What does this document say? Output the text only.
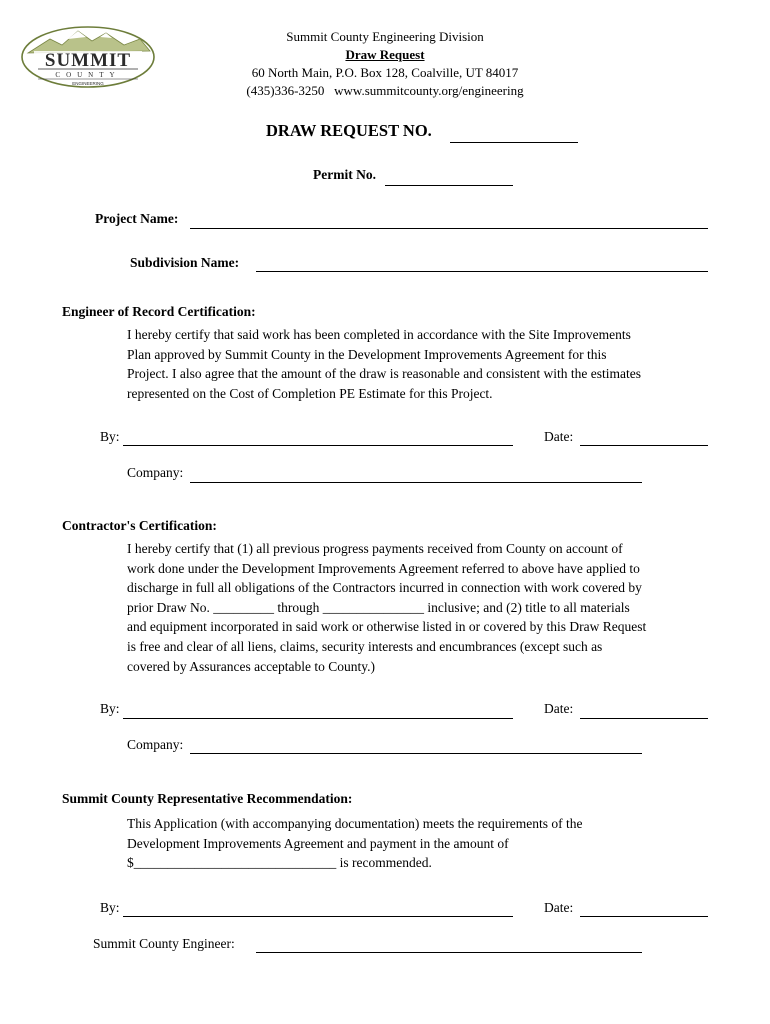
SUMMIT
COUNTY
ENGINEERING
Summit County Engineering Division
Draw Request
60 North Main, P.O. Box 128, Coalville, UT 84017
(435)336-3250   www.summitcounty.org/engineering
DRAW REQUEST NO.
Permit No.
Project Name:
Subdivision Name:
Engineer of Record Certification:
I hereby certify that said work has been completed in accordance with the Site Improvements
Plan approved by Summit County in the Development Improvements Agreement for this
Project. I also agree that the amount of the draw is reasonable and consistent with the estimates
represented on the Cost of Completion PE Estimate for this Project.
By:	Date:
Company:
Contractor's Certification:
I hereby certify that (1) all previous progress payments received from County on account of
work done under the Development Improvements Agreement referred to above have applied to
discharge in full all obligations of the Contractors incurred in connection with work covered by
prior Draw No. _________ through _______________ inclusive; and (2) title to all materials
and equipment incorporated in said work or otherwise listed in or covered by this Draw Request
is free and clear of all liens, claims, security interests and encumbrances (except such as
covered by Assurances acceptable to County.)
By:	Date:
Company:
Summit County Representative Recommendation:
This Application (with accompanying documentation) meets the requirements of the
Development Improvements Agreement and payment in the amount of
$______________________________ is recommended.
By:	Date:
Summit County Engineer:
